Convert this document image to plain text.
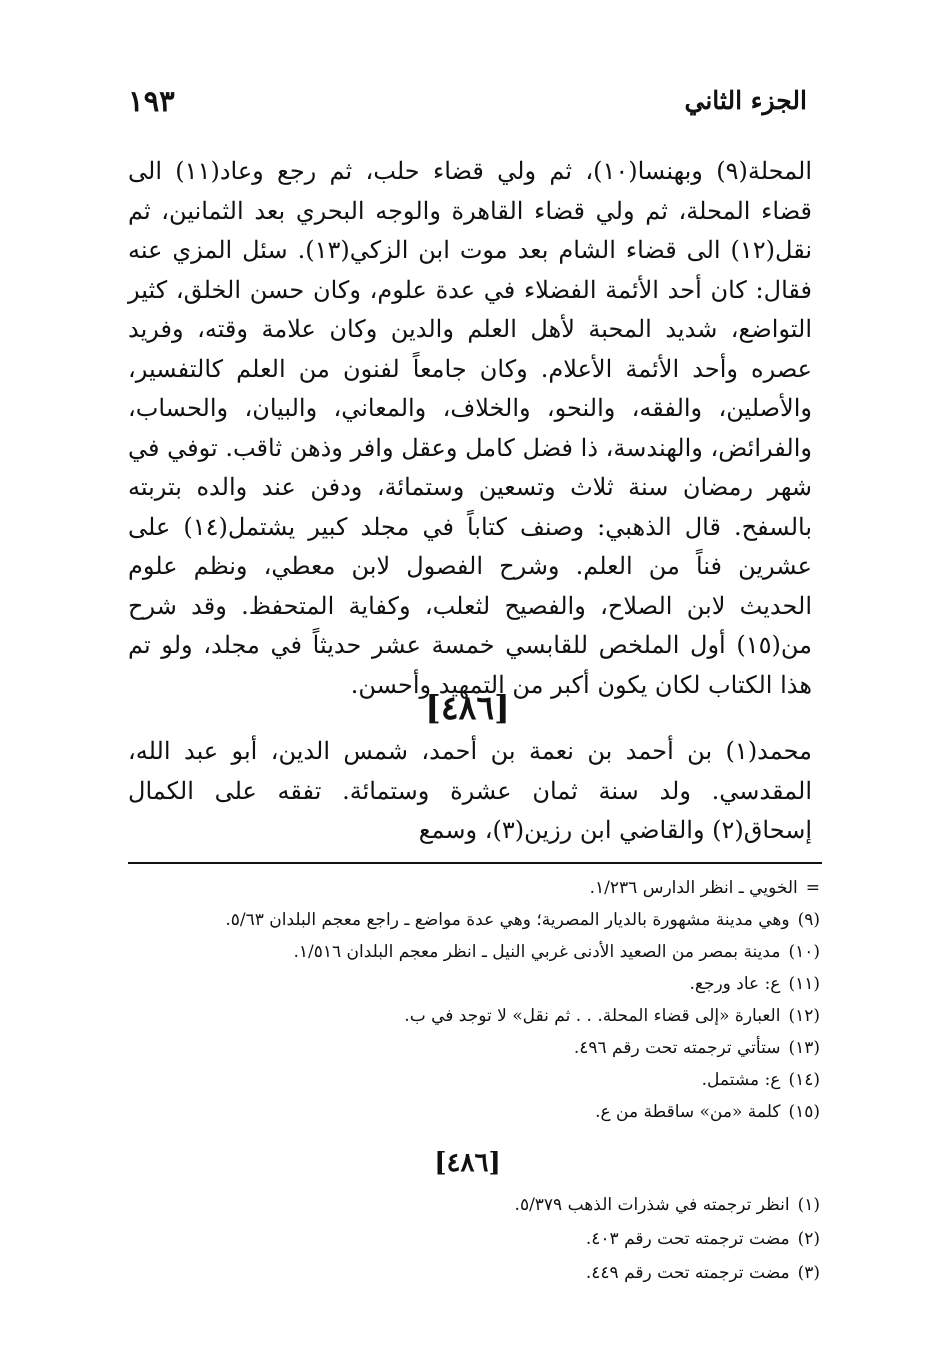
١٩٣	الجزء الثاني

المحلة(٩) وبهنسا(١٠)، ثم ولي قضاء حلب، ثم رجع وعاد(١١) الى قضاء المحلة، ثم ولي قضاء القاهرة والوجه البحري بعد الثمانين، ثم نقل(١٢) الى قضاء الشام بعد موت ابن الزكي(١٣). سئل المزي عنه فقال: كان أحد الأئمة الفضلاء في عدة علوم، وكان حسن الخلق، كثير التواضع، شديد المحبة لأهل العلم والدين وكان علامة وقته، وفريد عصره وأحد الأئمة الأعلام. وكان جامعاً لفنون من العلم كالتفسير، والأصلين، والفقه، والنحو، والخلاف، والمعاني، والبيان، والحساب، والفرائض، والهندسة، ذا فضل كامل وعقل وافر وذهن ثاقب. توفي في شهر رمضان سنة ثلاث وتسعين وستمائة، ودفن عند والده بتربته بالسفح. قال الذهبي: وصنف كتاباً في مجلد كبير يشتمل(١٤) على عشرين فناً من العلم. وشرح الفصول لابن معطي، ونظم علوم الحديث لابن الصلاح، والفصيح لثعلب، وكفاية المتحفظ. وقد شرح من(١٥) أول الملخص للقابسي خمسة عشر حديثاً في مجلد، ولو تم هذا الكتاب لكان يكون أكبر من التمهيد وأحسن.

[٤٨٦]

محمد(١) بن أحمد بن نعمة بن أحمد، شمس الدين، أبو عبد الله، المقدسي. ولد سنة ثمان عشرة وستمائة. تفقه على الكمال إسحاق(٢) والقاضي ابن رزين(٣)، وسمع

=الخويي ـ انظر الدارس ١/٢٣٦.
(٩)وهي مدينة مشهورة بالديار المصرية؛ وهي عدة مواضع ـ راجع معجم البلدان ٥/٦٣.
(١٠)مدينة بمصر من الصعيد الأدنى غربي النيل ـ انظر معجم البلدان ١/٥١٦.
(١١)ع: عاد ورجع.
(١٢)العبارة «إلى قضاء المحلة. . . ثم نقل» لا توجد في ب.
(١٣)ستأتي ترجمته تحت رقم ٤٩٦.
(١٤)ع: مشتمل.
(١٥)كلمة «من» ساقطة من ع.
[٤٨٦]
(١)انظر ترجمته في شذرات الذهب ٥/٣٧٩.
(٢)مضت ترجمته تحت رقم ٤٠٣.
(٣)مضت ترجمته تحت رقم ٤٤٩.
